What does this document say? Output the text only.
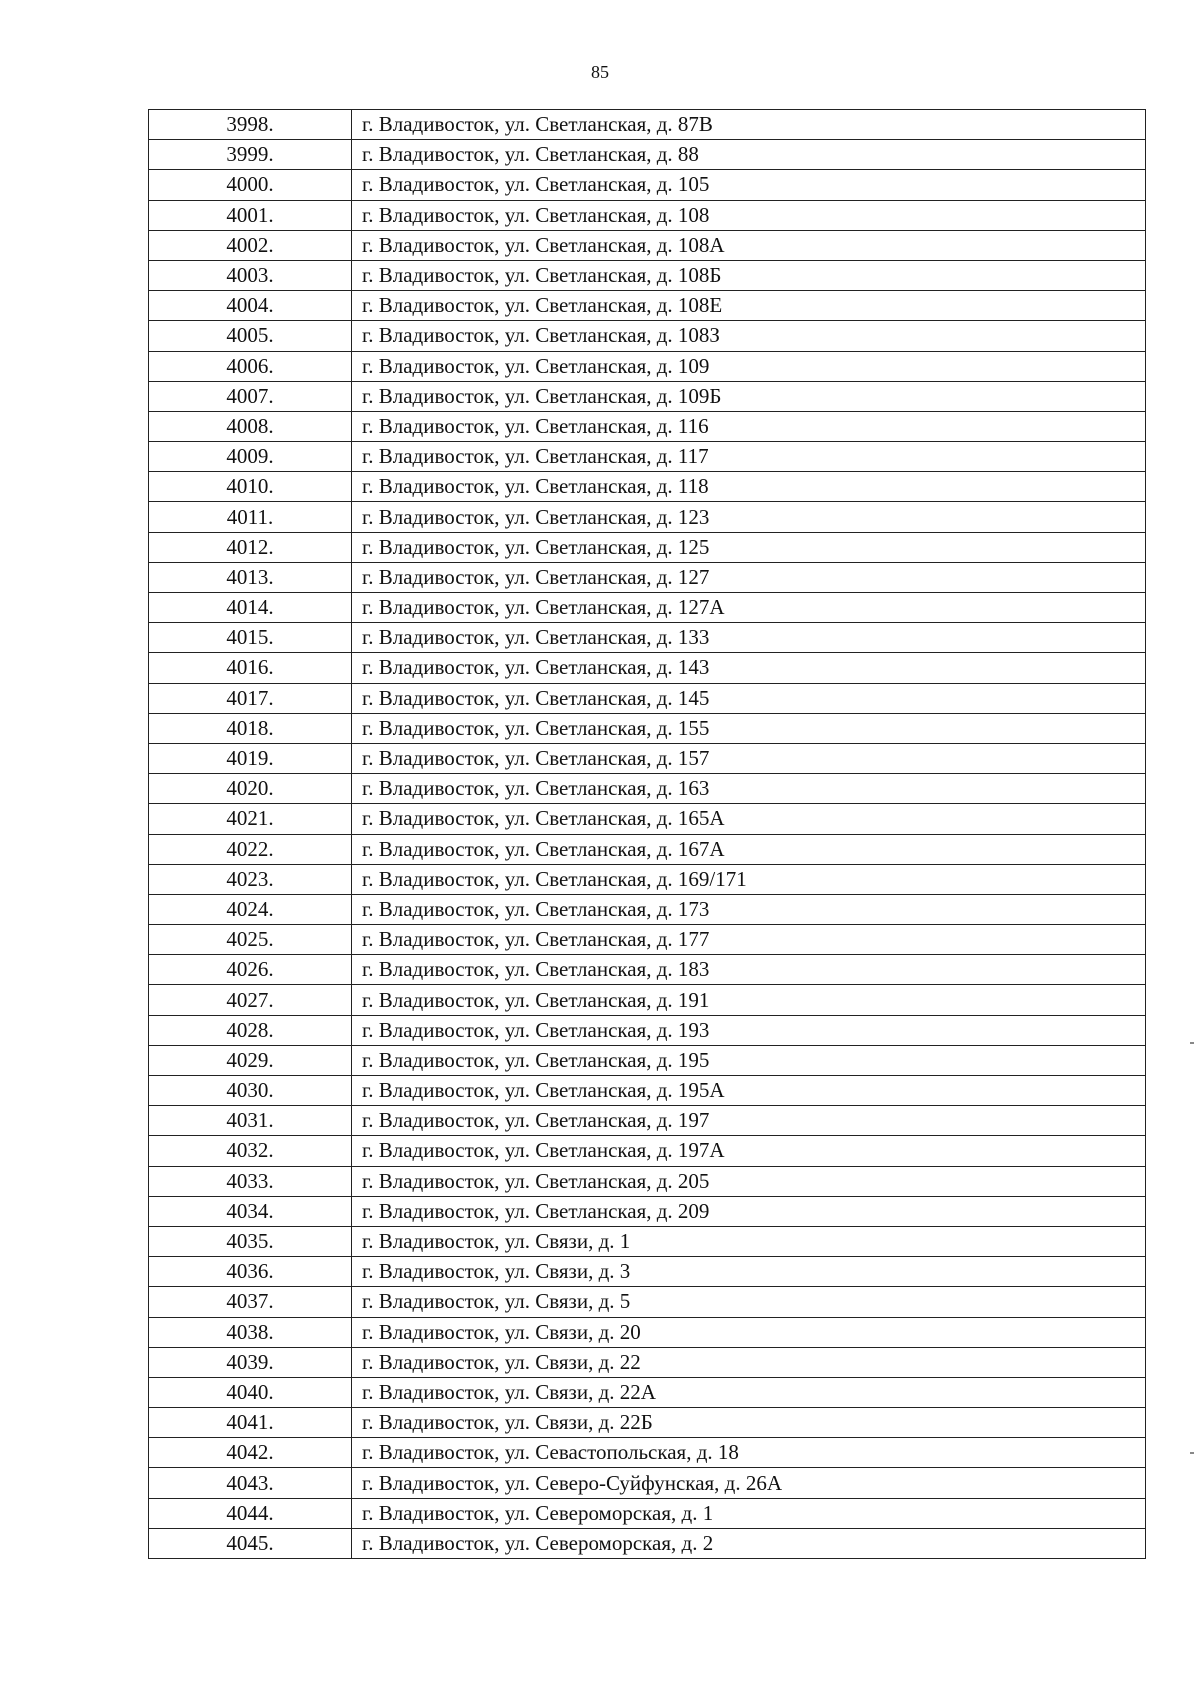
85
3998.	г. Владивосток, ул. Светланская, д. 87В
3999.	г. Владивосток, ул. Светланская, д. 88
4000.	г. Владивосток, ул. Светланская, д. 105
4001.	г. Владивосток, ул. Светланская, д. 108
4002.	г. Владивосток, ул. Светланская, д. 108А
4003.	г. Владивосток, ул. Светланская, д. 108Б
4004.	г. Владивосток, ул. Светланская, д. 108Е
4005.	г. Владивосток, ул. Светланская, д. 108З
4006.	г. Владивосток, ул. Светланская, д. 109
4007.	г. Владивосток, ул. Светланская, д. 109Б
4008.	г. Владивосток, ул. Светланская, д. 116
4009.	г. Владивосток, ул. Светланская, д. 117
4010.	г. Владивосток, ул. Светланская, д. 118
4011.	г. Владивосток, ул. Светланская, д. 123
4012.	г. Владивосток, ул. Светланская, д. 125
4013.	г. Владивосток, ул. Светланская, д. 127
4014.	г. Владивосток, ул. Светланская, д. 127А
4015.	г. Владивосток, ул. Светланская, д. 133
4016.	г. Владивосток, ул. Светланская, д. 143
4017.	г. Владивосток, ул. Светланская, д. 145
4018.	г. Владивосток, ул. Светланская, д. 155
4019.	г. Владивосток, ул. Светланская, д. 157
4020.	г. Владивосток, ул. Светланская, д. 163
4021.	г. Владивосток, ул. Светланская, д. 165А
4022.	г. Владивосток, ул. Светланская, д. 167А
4023.	г. Владивосток, ул. Светланская, д. 169/171
4024.	г. Владивосток, ул. Светланская, д. 173
4025.	г. Владивосток, ул. Светланская, д. 177
4026.	г. Владивосток, ул. Светланская, д. 183
4027.	г. Владивосток, ул. Светланская, д. 191
4028.	г. Владивосток, ул. Светланская, д. 193
4029.	г. Владивосток, ул. Светланская, д. 195
4030.	г. Владивосток, ул. Светланская, д. 195А
4031.	г. Владивосток, ул. Светланская, д. 197
4032.	г. Владивосток, ул. Светланская, д. 197А
4033.	г. Владивосток, ул. Светланская, д. 205
4034.	г. Владивосток, ул. Светланская, д. 209
4035.	г. Владивосток, ул. Связи, д. 1
4036.	г. Владивосток, ул. Связи, д. 3
4037.	г. Владивосток, ул. Связи, д. 5
4038.	г. Владивосток, ул. Связи, д. 20
4039.	г. Владивосток, ул. Связи, д. 22
4040.	г. Владивосток, ул. Связи, д. 22А
4041.	г. Владивосток, ул. Связи, д. 22Б
4042.	г. Владивосток, ул. Севастопольская, д. 18
4043.	г. Владивосток, ул. Северо-Суйфунская, д. 26А
4044.	г. Владивосток, ул. Североморская, д. 1
4045.	г. Владивосток, ул. Североморская, д. 2
